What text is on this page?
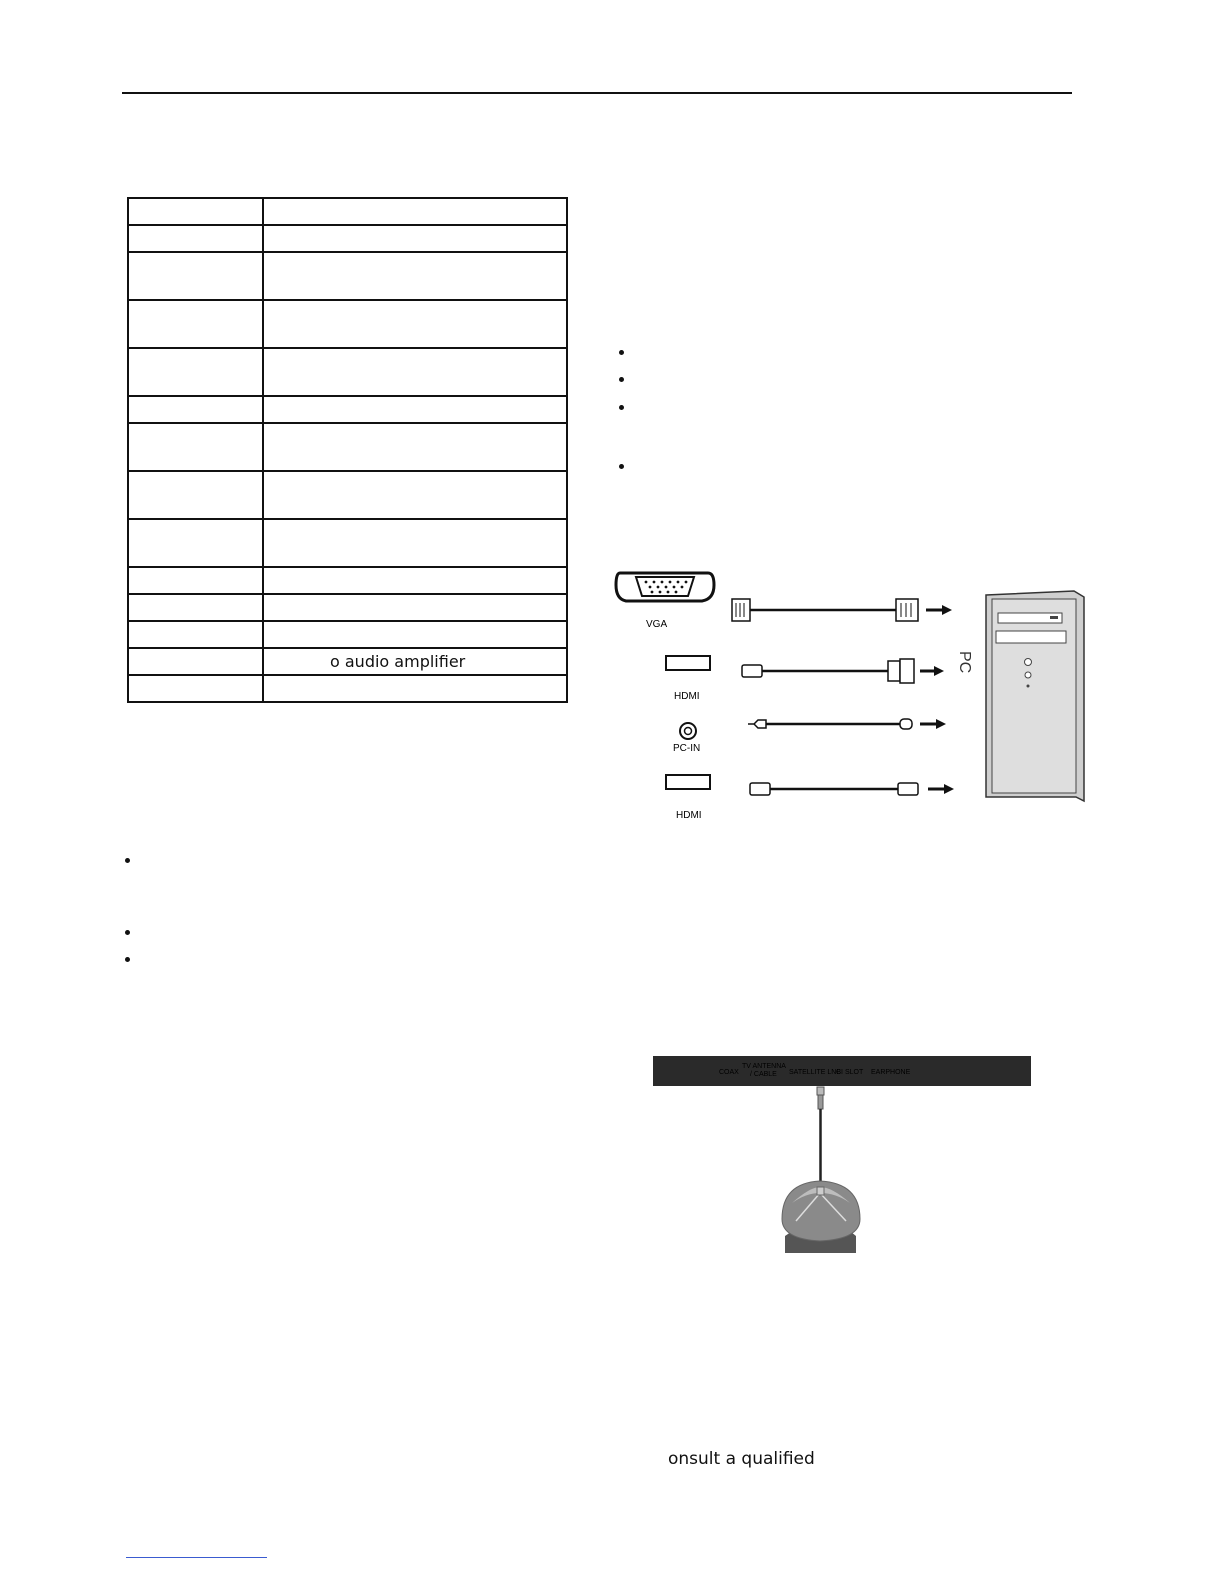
	o audio amplifier

VGA
HDMI
PC-IN
HDMI
PC
COAX
TV ANTENNA
/ CABLE SATELLITE LNB
CI SLOT EARPHONE
onsult a qualified
